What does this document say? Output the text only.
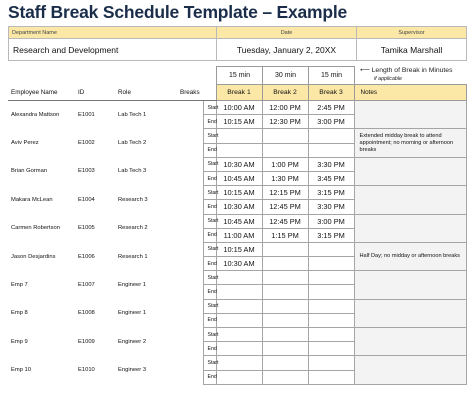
Staff Break Schedule Template – Example
Department Name	Date	Supervisor
Research and Development	Tuesday, January 2, 20XX	Tamika Marshall
15 min	30 min	15 min
⟵ Length of Break in Minutes
if applicable
Employee Name	ID	Role	Breaks		Break 1	Break 2	Break 3	Notes
Alexandra Mattson	E1001	Lab Tech 1		Start	10:00 AM	12:00 PM	2:45 PM	
				End	10:15 AM	12:30 PM	3:00 PM	
Aviv Perez	E1002	Lab Tech 2		Start				Extended midday break to attend appointment; no morning or afternoon breaks
				End				
Brian Gorman	E1003	Lab Tech 3		Start	10:30 AM	1:00 PM	3:30 PM	
				End	10:45 AM	1:30 PM	3:45 PM	
Makara McLean	E1004	Research 3		Start	10:15 AM	12:15 PM	3:15 PM	
				End	10:30 AM	12:45 PM	3:30 PM	
Carmen Robertson	E1005	Research 2		Start	10:45 AM	12:45 PM	3:00 PM	
				End	11:00 AM	1:15 PM	3:15 PM	
Jason Desjardins	E1006	Research 1		Start	10:15 AM			Half Day; no midday or afternoon breaks
				End	10:30 AM			
Emp 7	E1007	Engineer 1		Start				
				End				
Emp 8	E1008	Engineer 1		Start				
				End				
Emp 9	E1009	Engineer 2		Start				
				End				
Emp 10	E1010	Engineer 3		Start				
				End				
